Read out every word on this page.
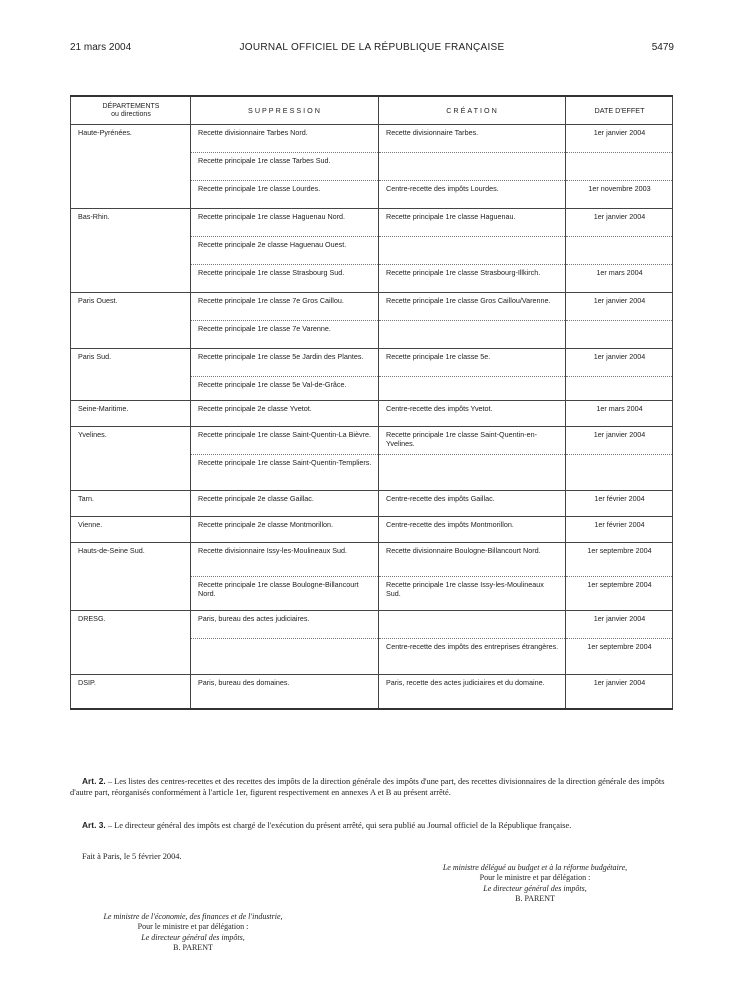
21 mars 2004	JOURNAL OFFICIEL DE LA RÉPUBLIQUE FRANÇAISE	5479
DÉPARTEMENTS
ou directions	SUPPRESSION	CRÉATION	DATE D'EFFET
Haute-Pyrénées.	Recette divisionnaire Tarbes Nord.	Recette divisionnaire Tarbes.	1er janvier 2004
	Recette principale 1re classe Tarbes Sud.		
	Recette principale 1re classe Lourdes.	Centre-recette des impôts Lourdes.	1er novembre 2003
Bas-Rhin.	Recette principale 1re classe Haguenau Nord.	Recette principale 1re classe Haguenau.	1er janvier 2004
	Recette principale 2e classe Haguenau Ouest.		
	Recette principale 1re classe Strasbourg Sud.	Recette principale 1re classe Strasbourg-Illkirch.	1er mars 2004
Paris Ouest.	Recette principale 1re classe 7e Gros Caillou.	Recette principale 1re classe Gros Caillou/Varenne.	1er janvier 2004
	Recette principale 1re classe 7e Varenne.		
Paris Sud.	Recette principale 1re classe 5e Jardin des Plantes.	Recette principale 1re classe 5e.	1er janvier 2004
	Recette principale 1re classe 5e Val-de-Grâce.		
Seine-Maritime.	Recette principale 2e classe Yvetot.	Centre-recette des impôts Yvetot.	1er mars 2004
Yvelines.	Recette principale 1re classe Saint-Quentin-La Bièvre.	Recette principale 1re classe Saint-Quentin-en-Yvelines.	1er janvier 2004
	Recette principale 1re classe Saint-Quentin-Templiers.		
Tarn.	Recette principale 2e classe Gaillac.	Centre-recette des impôts Gaillac.	1er février 2004
Vienne.	Recette principale 2e classe Montmorillon.	Centre-recette des impôts Montmorillon.	1er février 2004
Hauts-de-Seine Sud.	Recette divisionnaire Issy-les-Moulineaux Sud.	Recette divisionnaire Boulogne-Billancourt Nord.	1er septembre 2004
	Recette principale 1re classe Boulogne-Billancourt Nord.	Recette principale 1re classe Issy-les-Moulineaux Sud.	1er septembre 2004
DRESG.	Paris, bureau des actes judiciaires.		1er janvier 2004
		Centre-recette des impôts des entreprises étrangères.	1er septembre 2004
DSIP.	Paris, bureau des domaines.	Paris, recette des actes judiciaires et du domaine.	1er janvier 2004
Art. 2. – Les listes des centres-recettes et des recettes des impôts de la direction générale des impôts d'une part, des recettes divisionnaires de la direction générale des impôts d'autre part, réorganisés conformément à l'article 1er, figurent respectivement en annexes A et B au présent arrêté.
Art. 3. – Le directeur général des impôts est chargé de l'exécution du présent arrêté, qui sera publié au Journal officiel de la République française.
Fait à Paris, le 5 février 2004.
Le ministre délégué au budget et à la réforme budgétaire,
Pour le ministre et par délégation :
Le directeur général des impôts,
B. PARENT
Le ministre de l'économie, des finances et de l'industrie,
Pour le ministre et par délégation :
Le directeur général des impôts,
B. PARENT
